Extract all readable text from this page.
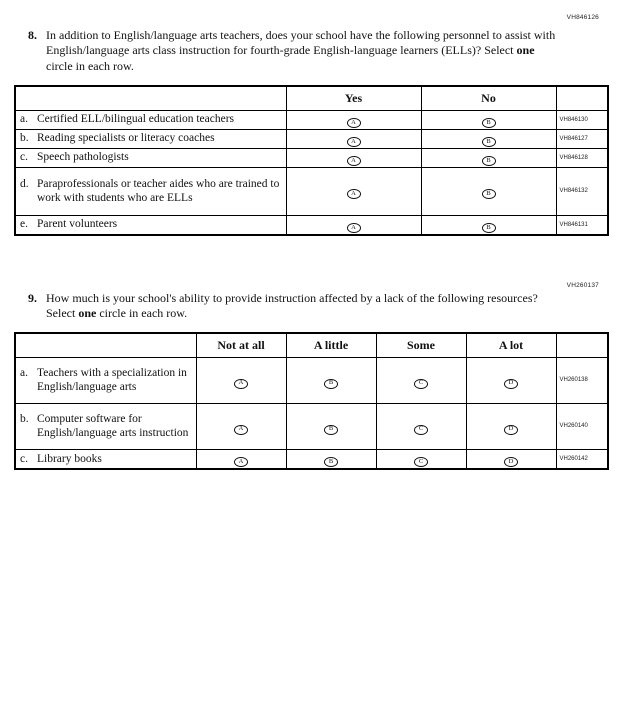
VH846126
8. In addition to English/language arts teachers, does your school have the following personnel to assist with English/language arts class instruction for fourth-grade English-language learners (ELLs)? Select one circle in each row.
	Yes	No	

a. Certified ELL/bilingual education teachers	A	B	VH846130

b. Reading specialists or literacy coaches	A	B	VH846127

c. Speech pathologists	A	B	VH846128

d. Paraprofessionals or teacher aides who are trained to work with students who are ELLs	A	B	VH846132

e. Parent volunteers	A	B	VH846131
VH260137
9. How much is your school's ability to provide instruction affected by a lack of the following resources? Select one circle in each row.
	Not at all	A little	Some	A lot	

a. Teachers with a specialization in English/language arts	A	B	C	D	VH260138

b. Computer software for English/language arts instruction	A	B	C	D	VH260140

c. Library books	A	B	C	D	VH260142
